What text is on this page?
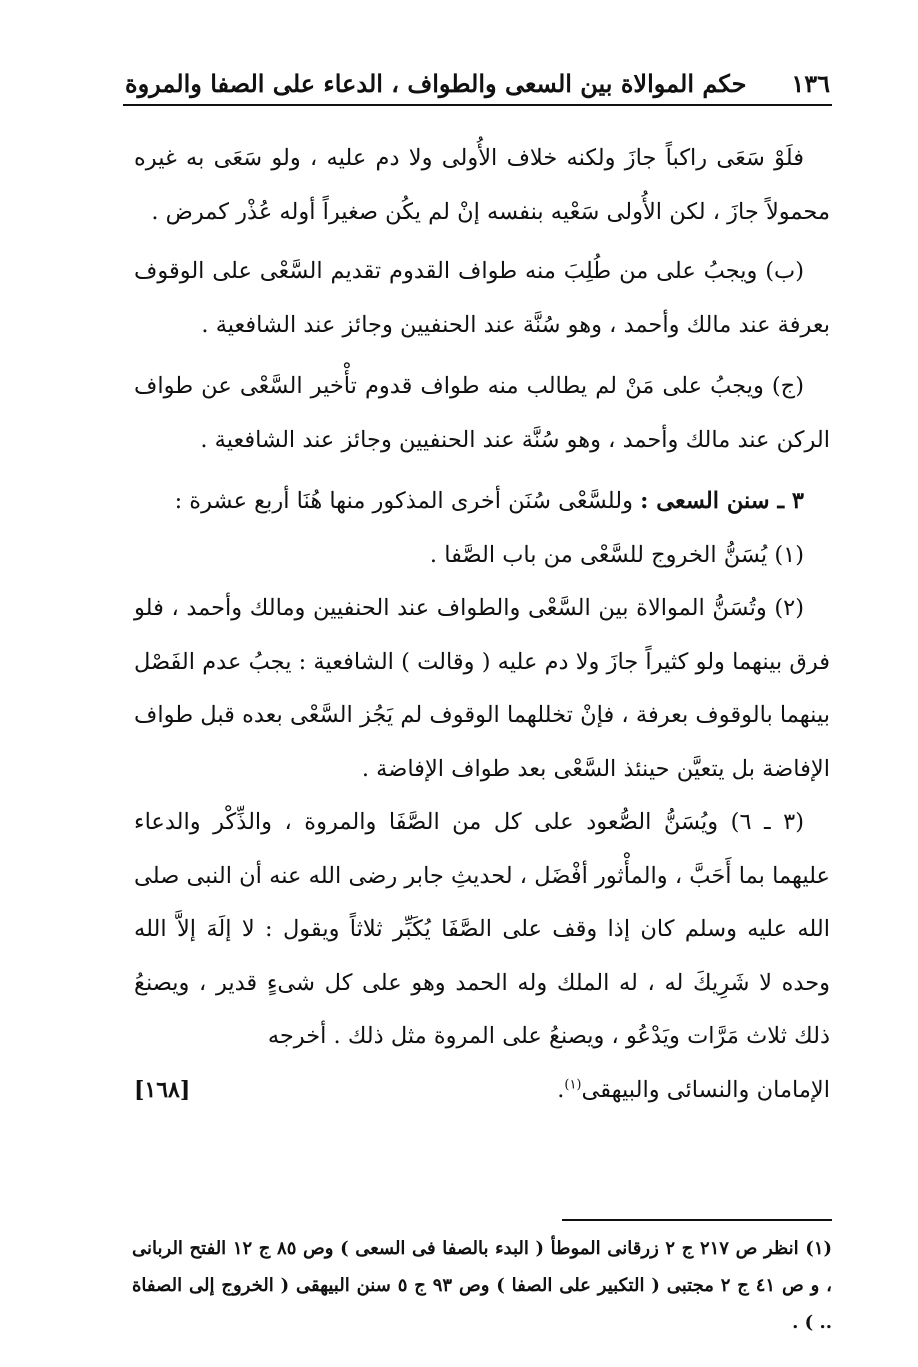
١٣٦
حكم الموالاة بين السعى والطواف ، الدعاء على الصفا والمروة

فلَوْ سَعَى راكباً جازَ ولكنه خلاف الأُولى ولا دم عليه ، ولو سَعَى به غيره محمولاً جازَ ، لكن الأُولى سَعْيه بنفسه إنْ لم يكُن صغيراً أوله عُذْر كمرض .

(ب) ويجبُ على من طُلِبَ منه طواف القدوم تقديم السَّعْى على الوقوف بعرفة عند مالك وأحمد ، وهو سُنَّة عند الحنفيين وجائز عند الشافعية .

(ج) ويجبُ على مَنْ لم يطالب منه طواف قدوم تأْخير السَّعْى عن طواف الركن عند مالك وأحمد ، وهو سُنَّة عند الحنفيين وجائز عند الشافعية .

٣ ـ سنن السعى : وللسَّعْى سُنَن أخرى المذكور منها هُنَا أربع عشرة :

(١) يُسَنُّ الخروج للسَّعْى من باب الصَّفا .

(٢) وتُسَنُّ الموالاة بين السَّعْى والطواف عند الحنفيين ومالك وأحمد ، فلو فرق بينهما ولو كثيراً جازَ ولا دم عليه ( وقالت ) الشافعية : يجبُ عدم الفَصْل بينهما بالوقوف بعرفة ، فإنْ تخللهما الوقوف لم يَجُز السَّعْى بعده قبل طواف الإفاضة بل يتعيَّن حينئذ السَّعْى بعد طواف الإفاضة .

(٣ ـ ٦) ويُسَنُّ الصُّعود على كل من الصَّفَا والمروة ، والذِّكْر والدعاء عليهما بما أَحَبَّ ، والمأْثور أفْضَل ، لحديثِ جابر رضى الله عنه أن النبى صلى الله عليه وسلم كان إذا وقف على الصَّفَا يُكَبِّر ثلاثاً ويقول : لا إلَهَ إلاَّ الله وحده لا شَرِيكَ له ، له الملك وله الحمد وهو على كل شىءٍ قدير ، ويصنعُ ذلك ثلاث مَرَّات ويَدْعُو ، ويصنعُ على المروة مثل ذلك . أخرجه

الإمامان والنسائى والبيهقى$^{(١)}$.
[١٦٨]

(١) انظر ص ٢١٧ ج ٢ زرقانى الموطأ ( البدء بالصفا فى السعى ) وص ٨٥ ج ١٢ الفتح الربانى ، و ص ٤١ ج ٢ مجتبى ( التكبير على الصفا ) وص ٩٣ ج ٥ سنن البيهقى ( الخروج إلى الصفاة .. ) .
